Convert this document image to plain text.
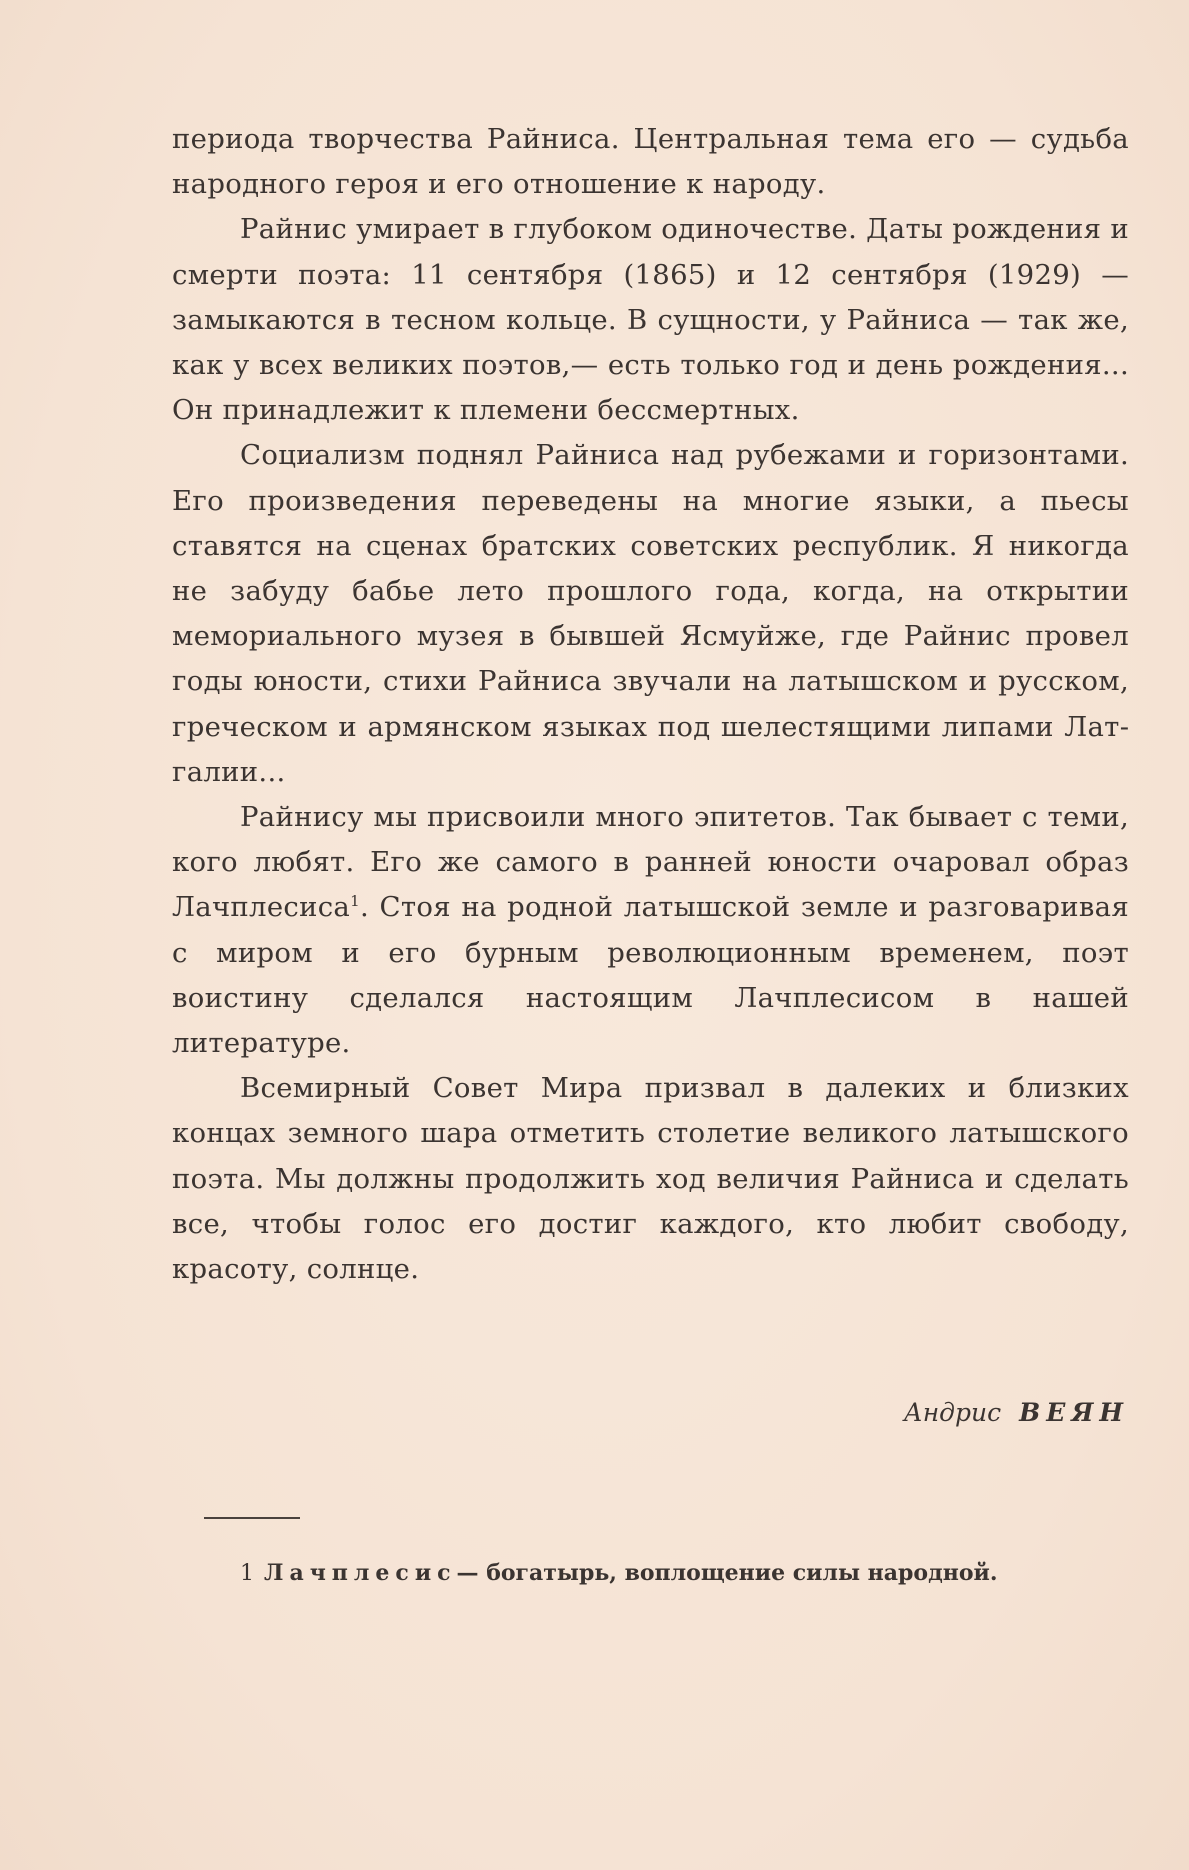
периода творчества Райниса. Центральная тема его — судьба народного героя и его отношение к народу.

Райнис умирает в глубоком одиночестве. Даты рождения и смерти поэта: 11 сентября (1865) и 12 сентября (1929) — замыкаются в тесном кольце. В сущности, у Райниса — так же, как у всех великих поэтов,— есть только год и день рождения... Он принадлежит к племени бессмертных.

Социализм поднял Райниса над рубежами и горизонтами. Его произведения переведены на многие языки, а пьесы ставятся на сценах братских советских республик. Я никогда не забуду бабье лето прошлого года, когда, на открытии мемориального музея в бывшей Ясмуйже, где Райнис провел годы юности, стихи Райниса звучали на латышском и русском, греческом и армянском языках под шелестящими липами Латгалии...

Райнису мы присвоили много эпитетов. Так бывает с теми, кого любят. Его же самого в ранней юности очаровал образ Лачплесиса$^1$. Стоя на родной латышской земле и разговаривая с миром и его бурным революционным временем, поэт воистину сделался настоящим Лачплесисом в нашей литературе.

Всемирный Совет Мира призвал в далеких и близких концах земного шара отметить столетие великого латышского поэта. Мы должны продолжить ход величия Райниса и сделать все, чтобы голос его достиг каждого, кто любит свободу, красоту, солнце.

Андрис ВЕЯН
1 Лачплесис— богатырь, воплощение силы народной.
